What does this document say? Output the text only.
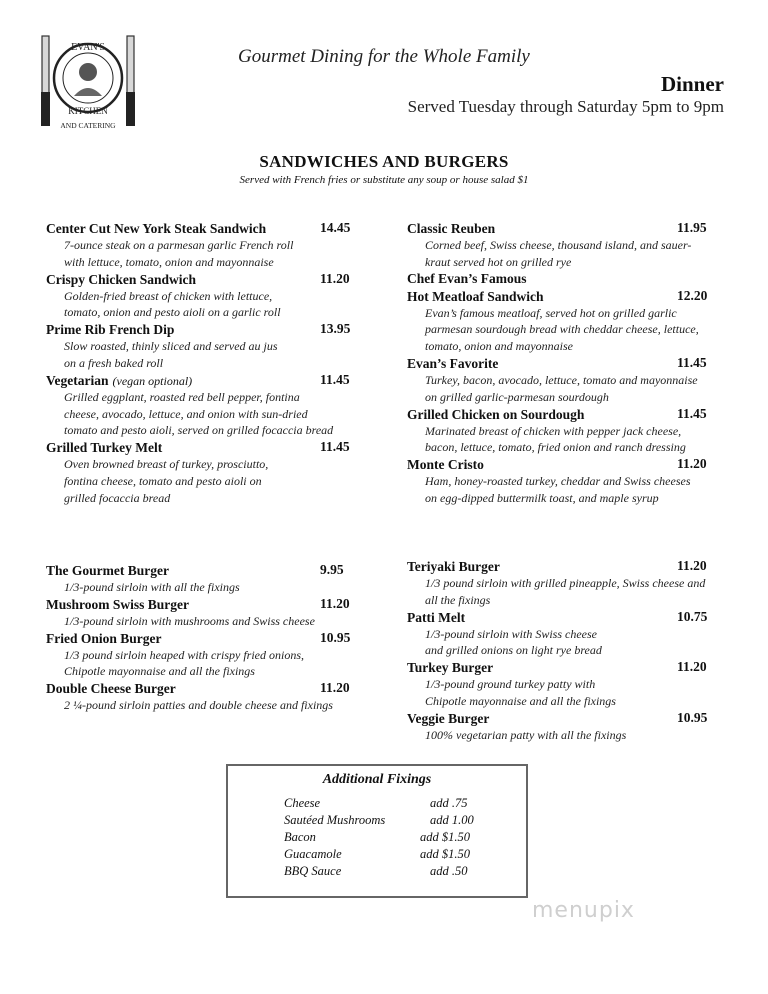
EVAN'S
KITCHEN
AND CATERING
Gourmet Dining for the Whole Family
Dinner
Served Tuesday through Saturday 5pm to 9pm
SANDWICHES AND BURGERS
Served with French fries or substitute any soup or house salad $1
Center Cut New York Steak Sandwich	14.45
7-ounce steak on a parmesan garlic French roll
with lettuce, tomato, onion and mayonnaise
Crispy Chicken Sandwich	11.20
Golden-fried breast of chicken with lettuce,
tomato, onion and pesto aioli on a garlic roll
Prime Rib French Dip	13.95
Slow roasted, thinly sliced and served au jus
on a fresh baked roll
Vegetarian (vegan optional)	11.45
Grilled eggplant, roasted red bell pepper, fontina
cheese, avocado, lettuce, and onion with sun-dried
tomato and pesto aioli, served on grilled focaccia bread
Grilled Turkey Melt	11.45
Oven browned breast of turkey, prosciutto,
fontina cheese, tomato and pesto aioli on
grilled focaccia bread
Classic Reuben	11.95
Corned beef, Swiss cheese, thousand island, and sauer-
kraut served hot on grilled rye
Chef Evan’s Famous
Hot Meatloaf Sandwich	12.20
Evan’s famous meatloaf, served hot on grilled garlic
parmesan sourdough bread with cheddar cheese, lettuce,
tomato, onion and mayonnaise
Evan’s Favorite	11.45
Turkey, bacon, avocado, lettuce, tomato and mayonnaise
on grilled garlic-parmesan sourdough
Grilled Chicken on Sourdough	11.45
Marinated breast of chicken with pepper jack cheese,
bacon, lettuce, tomato, fried onion and ranch dressing
Monte Cristo	11.20
Ham, honey-roasted turkey, cheddar and Swiss cheeses
on egg-dipped buttermilk toast, and maple syrup
The Gourmet Burger	9.95
1/3-pound sirloin with all the fixings
Mushroom Swiss Burger	11.20
1/3-pound sirloin with mushrooms and Swiss cheese
Fried Onion Burger	10.95
1/3 pound sirloin heaped with crispy fried onions,
Chipotle mayonnaise and all the fixings
Double Cheese Burger	11.20
2 ¼-pound sirloin patties and double cheese and fixings
Teriyaki Burger	11.20
1/3 pound sirloin with grilled pineapple, Swiss cheese and
all the fixings
Patti Melt	10.75
1/3-pound sirloin with Swiss cheese
and grilled onions on light rye bread
Turkey Burger	11.20
1/3-pound ground turkey patty with
Chipotle mayonnaise and all the fixings
Veggie Burger	10.95
100% vegetarian patty with all the fixings
Additional Fixings
Cheese	add .75
Sautéed Mushrooms	add 1.00
Bacon	add $1.50
Guacamole	add $1.50
BBQ Sauce	add .50
menupix
